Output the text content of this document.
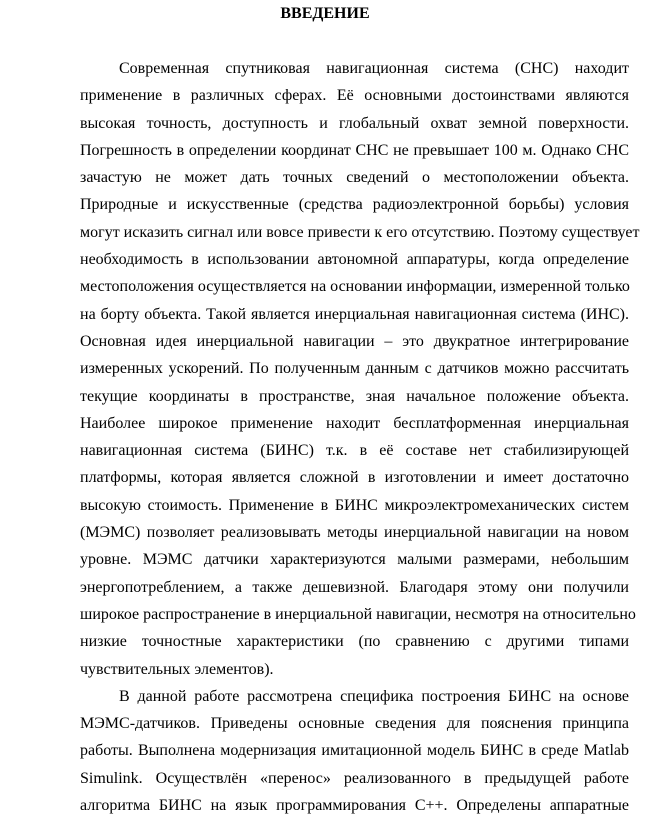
ВВЕДЕНИЕ
Современная спутниковая навигационная система (СНС) находит
применение в различных сферах. Её основными достоинствами являются
высокая точность, доступность и глобальный охват земной поверхности.
Погрешность в определении координат СНС не превышает 100 м. Однако СНС
зачастую не может дать точных сведений о местоположении объекта.
Природные и искусственные (средства радиоэлектронной борьбы) условия
могут исказить сигнал или вовсе привести к его отсутствию. Поэтому существует
необходимость в использовании автономной аппаратуры, когда определение
местоположения осуществляется на основании информации, измеренной только
на борту объекта. Такой является инерциальная навигационная система (ИНС).
Основная идея инерциальной навигации – это двукратное интегрирование
измеренных ускорений. По полученным данным с датчиков можно рассчитать
текущие координаты в пространстве, зная начальное положение объекта.
Наиболее широкое применение находит бесплатформенная инерциальная
навигационная система (БИНС) т.к. в её составе нет стабилизирующей
платформы, которая является сложной в изготовлении и имеет достаточно
высокую стоимость. Применение в БИНС микроэлектромеханических систем
(МЭМС) позволяет реализовывать методы инерциальной навигации на новом
уровне. МЭМС датчики характеризуются малыми размерами, небольшим
энергопотреблением, а также дешевизной. Благодаря этому они получили
широкое распространение в инерциальной навигации, несмотря на относительно
низкие точностные характеристики (по сравнению с другими типами
чувствительных элементов).
В данной работе рассмотрена специфика построения БИНС на основе
МЭМС-датчиков. Приведены основные сведения для пояснения принципа
работы. Выполнена модернизация имитационной модель БИНС в среде Matlab
Simulink. Осуществлён «перенос» реализованного в предыдущей работе
алгоритма БИНС на язык программирования C++. Определены аппаратные
